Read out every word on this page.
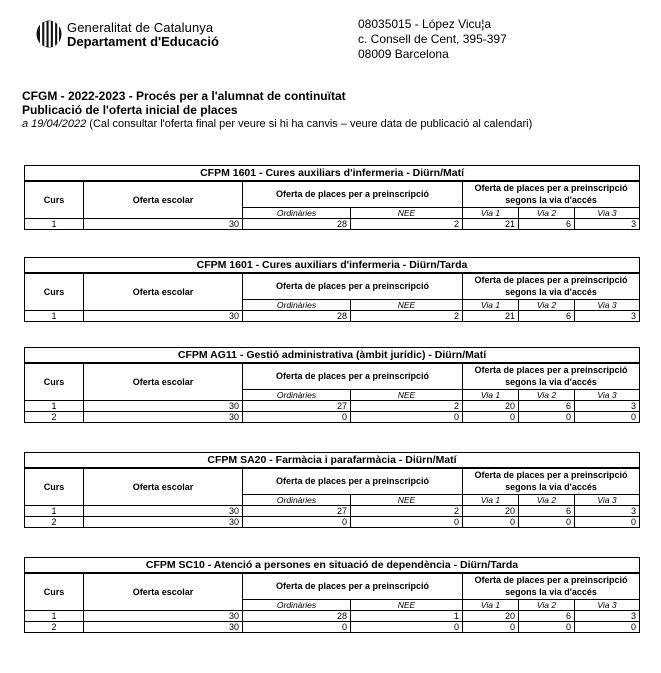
Generalitat de Catalunya
Departament d'Educació
08035015 - López Vicu¦a
c. Consell de Cent, 395-397
08009 Barcelona
CFGM - 2022-2023 - Procés per a l'alumnat de continuïtat
Publicació de l'oferta inicial de places
a 19/04/2022 (Cal consultar l'oferta final per veure si hi ha canvis – veure data de publicació al calendari)
CFPM 1601 - Cures auxiliars d'infermeria - Diürn/Matí						
Curs	Oferta escolar	Oferta de places per a preinscripció		Oferta de places per a preinscripció segons la via d'accés		

		Ordinàries	NEE	Via 1	Via 2	Via 3
1	30	28	2	21	6	3
CFPM 1601 - Cures auxiliars d'infermeria - Diürn/Tarda						
Curs	Oferta escolar	Oferta de places per a preinscripció		Oferta de places per a preinscripció segons la via d'accés		

		Ordinàries	NEE	Via 1	Via 2	Via 3
1	30	28	2	21	6	3
CFPM AG11 - Gestió administrativa (àmbit jurídic) - Diürn/Matí						
Curs	Oferta escolar	Oferta de places per a preinscripció		Oferta de places per a preinscripció segons la via d'accés		

		Ordinàries	NEE	Via 1	Via 2	Via 3
1	30	27	2	20	6	3
2	30	0	0	0	0	0
CFPM SA20 - Farmàcia i parafarmàcia - Diürn/Matí						
Curs	Oferta escolar	Oferta de places per a preinscripció		Oferta de places per a preinscripció segons la via d'accés		

		Ordinàries	NEE	Via 1	Via 2	Via 3
1	30	27	2	20	6	3
2	30	0	0	0	0	0
CFPM SC10 - Atenció a persones en situació de dependència - Diürn/Tarda						
Curs	Oferta escolar	Oferta de places per a preinscripció		Oferta de places per a preinscripció segons la via d'accés		

		Ordinàries	NEE	Via 1	Via 2	Via 3
1	30	28	1	20	6	3
2	30	0	0	0	0	0
